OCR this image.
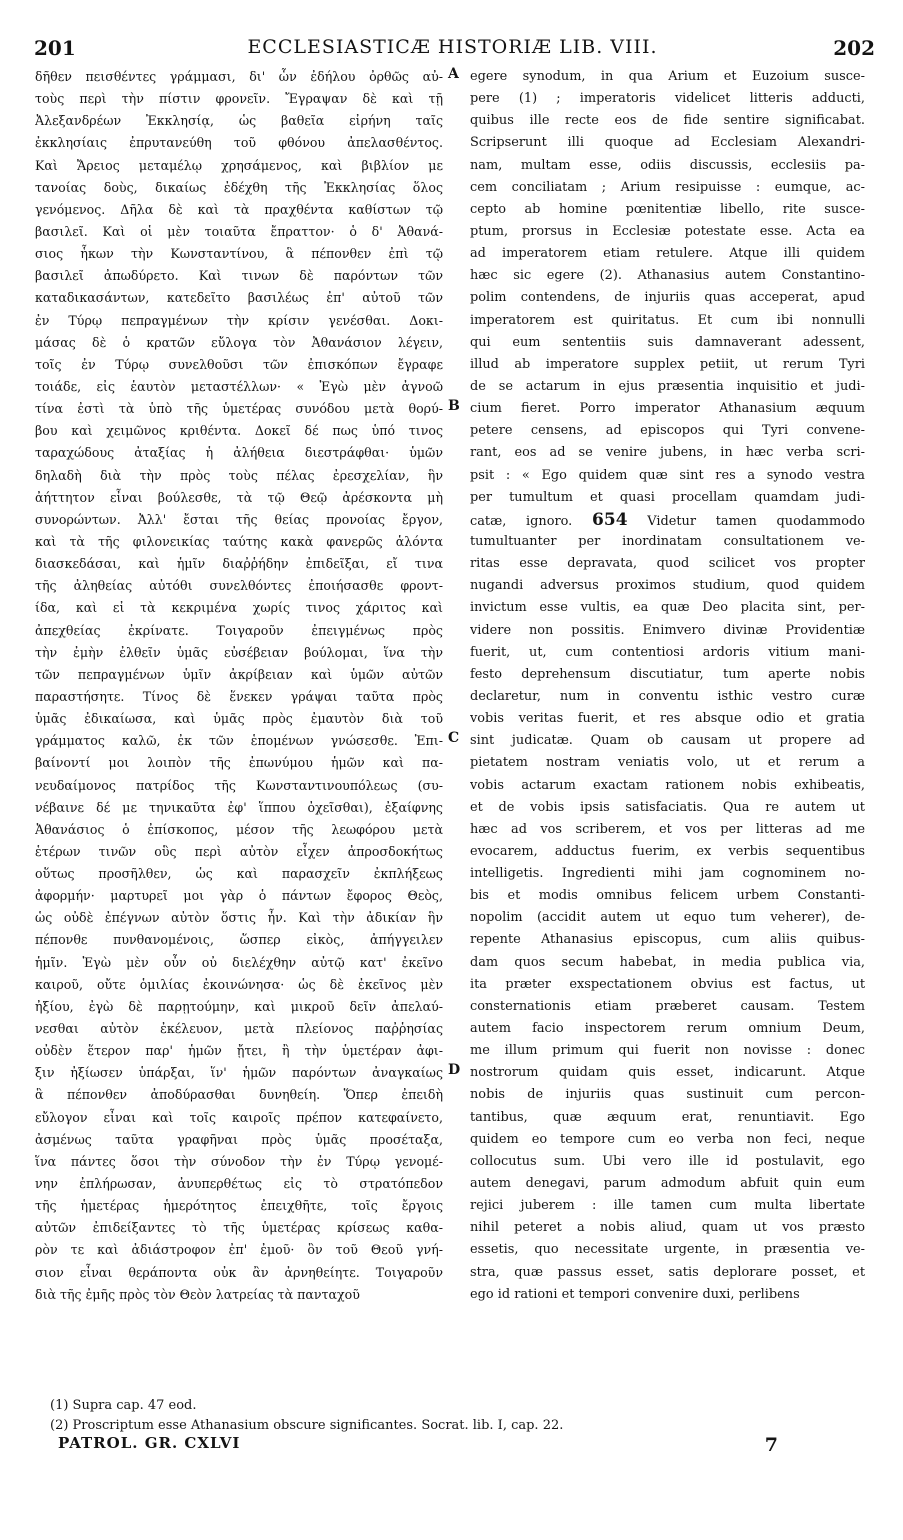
201	ECCLESIASTICÆ HISTORIÆ LIB. VIII.	202
δῆθεν πεισθέντες γράμμασι, δι' ὧν ἐδήλου ὀρθῶς αὐ-
τοὺς περὶ τὴν πίστιν φρονεῖν. Ἔγραψαν δὲ καὶ τῇ
Ἀλεξανδρέων Ἐκκλησίᾳ, ὡς βαθεῖα εἰρήνη ταῖς
ἐκκλησίαις ἐπρυτανεύθη τοῦ φθόνου ἀπελασθέντος.
Καὶ Ἄρειος μεταμέλῳ χρησάμενος, καὶ βιβλίον με
τανοίας δοὺς, δικαίως ἐδέχθη τῆς Ἐκκλησίας ὅλος
γενόμενος. Δῆλα δὲ καὶ τὰ πραχθέντα καθίστων τῷ
βασιλεῖ. Καὶ οἱ μὲν τοιαῦτα ἔπραττον· ὁ δ' Ἀθανά-
σιος ἧκων τὴν Κωνσταντίνου, ἃ πέπονθεν ἐπὶ τῷ
βασιλεῖ ἀπωδύρετο. Καὶ τινων δὲ παρόντων τῶν
καταδικασάντων, κατεδεῖτο βασιλέως ἐπ' αὐτοῦ τῶν
ἐν Τύρῳ πεπραγμένων τὴν κρίσιν γενέσθαι. Δοκι-
μάσας δὲ ὁ κρατῶν εὔλογα τὸν Ἀθανάσιον λέγειν,
τοῖς ἐν Τύρῳ συνελθοῦσι τῶν ἐπισκόπων ἔγραφε
τοιάδε, εἰς ἑαυτὸν μεταστέλλων· « Ἐγὼ μὲν ἀγνοῶ
τίνα ἐστὶ τὰ ὑπὸ τῆς ὑμετέρας συνόδου μετὰ θορύ-
βου καὶ χειμῶνος κριθέντα. Δοκεῖ δέ πως ὑπό τινος
ταραχώδους ἀταξίας ἡ ἀλήθεια διεστράφθαι· ὑμῶν
δηλαδὴ διὰ τὴν πρὸς τοὺς πέλας ἐρεσχελίαν, ἣν
ἀήττητον εἶναι βούλεσθε, τὰ τῷ Θεῷ ἀρέσκοντα μὴ
συνορώντων. Ἀλλ' ἔσται τῆς θείας προνοίας ἔργον,
καὶ τὰ τῆς φιλονεικίας ταύτης κακὰ φανερῶς ἁλόντα
διασκεδάσαι, καὶ ἡμῖν διαῤῥήδην ἐπιδεῖξαι, εἴ τινα
τῆς ἀληθείας αὐτόθι συνελθόντες ἐποιήσασθε φροντ-
ίδα, καὶ εἰ τὰ κεκριμένα χωρίς τινος χάριτος καὶ
ἀπεχθείας ἐκρίνατε. Τοιγαροῦν ἐπειγμένως πρὸς
τὴν ἐμὴν ἐλθεῖν ὑμᾶς εὐσέβειαν βούλομαι, ἵνα τὴν
τῶν πεπραγμένων ὑμῖν ἀκρίβειαν καὶ ὑμῶν αὐτῶν
παραστήσητε. Τίνος δὲ ἕνεκεν γράψαι ταῦτα πρὸς
ὑμᾶς ἐδικαίωσα, καὶ ὑμᾶς πρὸς ἐμαυτὸν διὰ τοῦ
γράμματος καλῶ, ἐκ τῶν ἑπομένων γνώσεσθε. Ἐπι-
βαίνοντί μοι λοιπὸν τῆς ἐπωνύμου ἡμῶν καὶ πα-
νευδαίμονος πατρίδος τῆς Κωνσταντινουπόλεως (συ-
νέβαινε δέ με τηνικαῦτα ἐφ' ἵππου ὀχεῖσθαι), ἐξαίφνης
Ἀθανάσιος ὁ ἐπίσκοπος, μέσον τῆς λεωφόρου μετὰ
ἑτέρων τινῶν οὓς περὶ αὐτὸν εἶχεν ἀπροσδοκήτως
οὕτως προσῆλθεν, ὡς καὶ παρασχεῖν ἐκπλήξεως
ἀφορμήν· μαρτυρεῖ μοι γὰρ ὁ πάντων ἔφορος Θεὸς,
ὡς οὐδὲ ἐπέγνων αὐτὸν ὅστις ἦν. Καὶ τὴν ἀδικίαν ἣν
πέπονθε πυνθανομένοις, ὥσπερ εἰκὸς, ἀπήγγειλεν
ἡμῖν. Ἐγὼ μὲν οὖν οὐ διελέχθην αὐτῷ κατ' ἐκεῖνο
καιροῦ, οὔτε ὁμιλίας ἐκοινώνησα· ὡς δὲ ἐκεῖνος μὲν
ἠξίου, ἐγὼ δὲ παρῃτούμην, καὶ μικροῦ δεῖν ἀπελαύ-
νεσθαι αὐτὸν ἐκέλευον, μετὰ πλείονος παῤῥησίας
οὐδὲν ἕτερον παρ' ἡμῶν ᾔτει, ἢ τὴν ὑμετέραν ἀφι-
ξιν ἠξίωσεν ὑπάρξαι, ἵν' ἡμῶν παρόντων ἀναγκαίως
ἃ πέπονθεν ἀποδύρασθαι δυνηθείη. Ὅπερ ἐπειδὴ
εὔλογον εἶναι καὶ τοῖς καιροῖς πρέπον κατεφαίνετο,
ἀσμένως ταῦτα γραφῆναι πρὸς ὑμᾶς προσέταξα,
ἵνα πάντες ὅσοι τὴν σύνοδον τὴν ἐν Τύρῳ γενομέ-
νην ἐπλήρωσαν, ἀνυπερθέτως εἰς τὸ στρατόπεδον
τῆς ἡμετέρας ἡμερότητος ἐπειχθῆτε, τοῖς ἔργοις
αὐτῶν ἐπιδείξαντες τὸ τῆς ὑμετέρας κρίσεως καθα-
ρὸν τε καὶ ἀδιάστροφον ἐπ' ἐμοῦ· ὃν τοῦ Θεοῦ γνή-
σιον εἶναι θεράποντα οὐκ ἂν ἀρνηθείητε. Τοιγαροῦν
διὰ τῆς ἐμῆς πρὸς τὸν Θεὸν λατρείας τὰ πανταχοῦ
egere synodum, in qua Arium et Euzoium susce-
pere (1) ; imperatoris videlicet litteris adducti,
quibus ille recte eos de fide sentire significabat.
Scripserunt illi quoque ad Ecclesiam Alexandri-
nam, multam esse, odiis discussis, ecclesiis pa-
cem conciliatam ; Arium resipuisse : eumque, ac-
cepto ab homine pœnitentiæ libello, rite susce-
ptum, prorsus in Ecclesiæ potestate esse. Acta ea
ad imperatorem etiam retulere. Atque illi quidem
hæc sic egere (2). Athanasius autem Constantino-
polim contendens, de injuriis quas acceperat, apud
imperatorem est quiritatus. Et cum ibi nonnulli
qui eum sententiis suis damnaverant adessent,
illud ab imperatore supplex petiit, ut rerum Tyri
de se actarum in ejus præsentia inquisitio et judi-
cium fieret. Porro imperator Athanasium æquum
petere censens, ad episcopos qui Tyri convene-
rant, eos ad se venire jubens, in hæc verba scri-
psit : « Ego quidem quæ sint res a synodo vestra
per tumultum et quasi procellam quamdam judi-
catæ, ignoro. 654 Videtur tamen quodammodo
tumultuanter per inordinatam consultationem ve-
ritas esse depravata, quod scilicet vos propter
nugandi adversus proximos studium, quod quidem
invictum esse vultis, ea quæ Deo placita sint, per-
videre non possitis. Enimvero divinæ Providentiæ
fuerit, ut, cum contentiosi ardoris vitium mani-
festo deprehensum discutiatur, tum aperte nobis
declaretur, num in conventu isthic vestro curæ
vobis veritas fuerit, et res absque odio et gratia
sint judicatæ. Quam ob causam ut propere ad
pietatem nostram veniatis volo, ut et rerum a
vobis actarum exactam rationem nobis exhibeatis,
et de vobis ipsis satisfaciatis. Qua re autem ut
hæc ad vos scriberem, et vos per litteras ad me
evocarem, adductus fuerim, ex verbis sequentibus
intelligetis. Ingredienti mihi jam cognominem no-
bis et modis omnibus felicem urbem Constanti-
nopolim (accidit autem ut equo tum veherer), de-
repente Athanasius episcopus, cum aliis quibus-
dam quos secum habebat, in media publica via,
ita præter exspectationem obvius est factus, ut
consternationis etiam præberet causam. Testem
autem facio inspectorem rerum omnium Deum,
me illum primum qui fuerit non novisse : donec
nostrorum quidam quis esset, indicarunt. Atque
nobis de injuriis quas sustinuit cum percon-
tantibus, quæ æquum erat, renuntiavit. Ego
quidem eo tempore cum eo verba non feci, neque
collocutus sum. Ubi vero ille id postulavit, ego
autem denegavi, parum admodum abfuit quin eum
rejici juberem : ille tamen cum multa libertate
nihil peteret a nobis aliud, quam ut vos præsto
essetis, quo necessitate urgente, in præsentia ve-
stra, quæ passus esset, satis deplorare posset, et
ego id rationi et tempori convenire duxi, perlibens
A
B
C
D
(1) Supra cap. 47 eod.
(2) Proscriptum esse Athanasium obscure significantes. Socrat. lib. I, cap. 22.
PATROL. GR. CXLVI	7
